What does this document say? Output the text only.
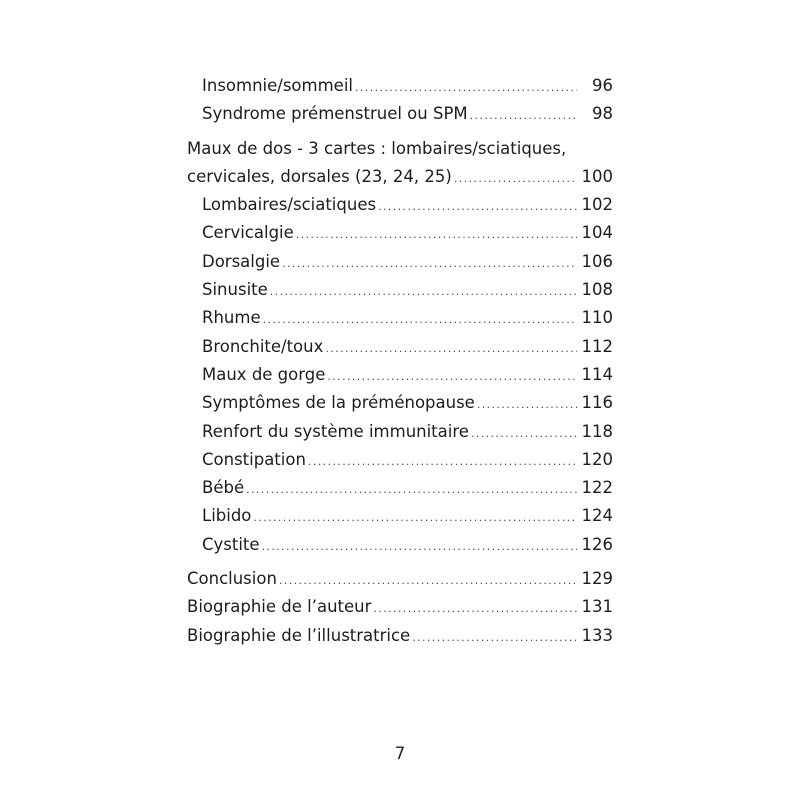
Insomnie/sommeil .....	96
Syndrome prémenstruel ou SPM .....	98
Maux de dos - 3 cartes : lombaires/sciatiques,
cervicales, dorsales (23, 24, 25) .....	100
Lombaires/sciatiques .....	102
Cervicalgie .....	104
Dorsalgie .....	106
Sinusite .....	108
Rhume .....	110
Bronchite/toux .....	112
Maux de gorge .....	114
Symptômes de la préménopause .....	116
Renfort du système immunitaire .....	118
Constipation .....	120
Bébé .....	122
Libido .....	124
Cystite .....	126
Conclusion .....	129
Biographie de l’auteur .....	131
Biographie de l’illustratrice .....	133
7
